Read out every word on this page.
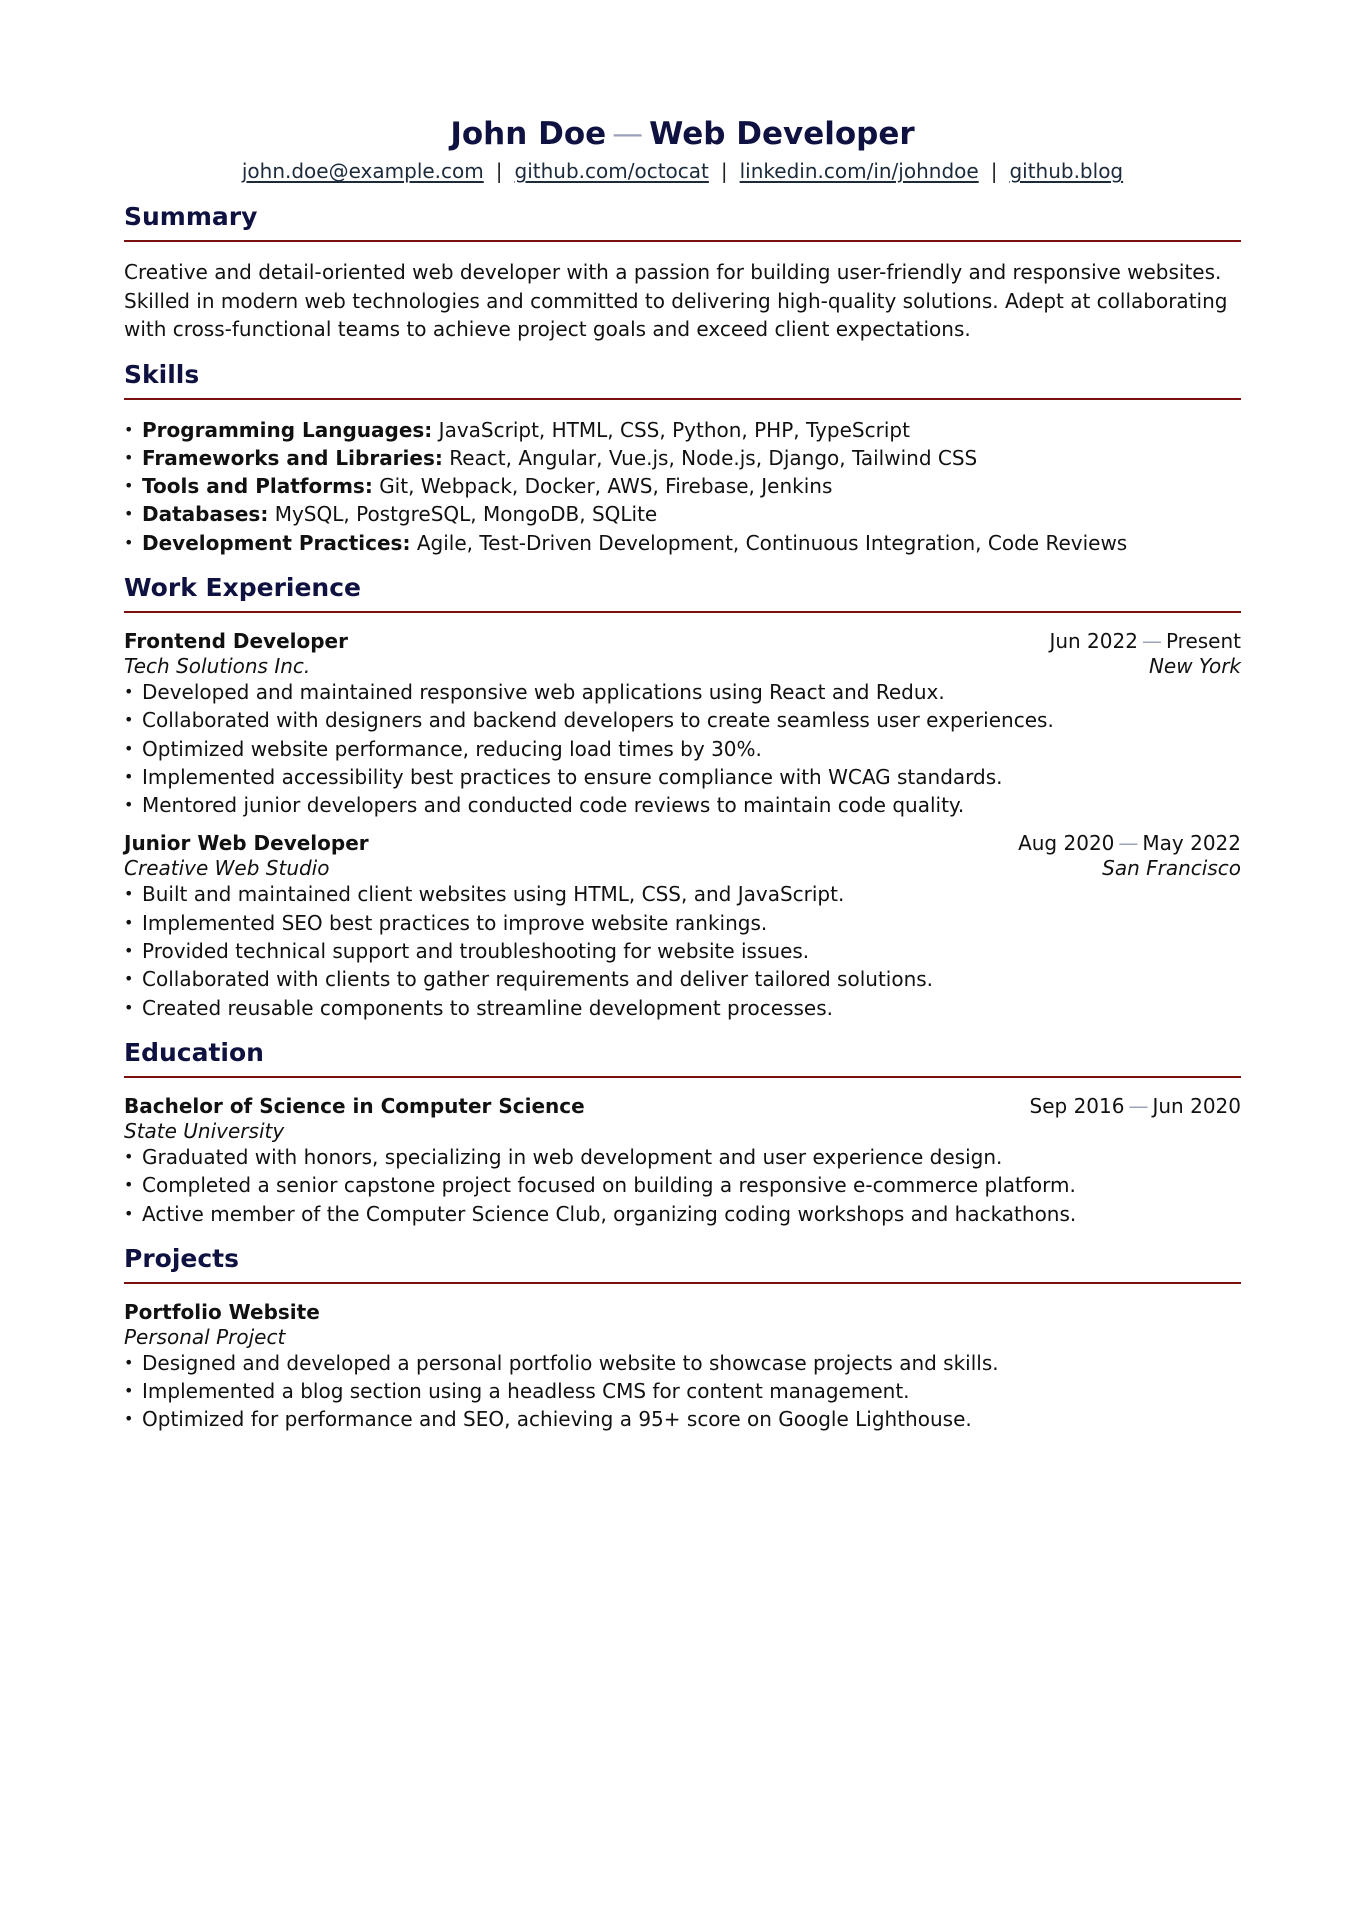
John Doe — Web Developer
john.doe@example.com | github.com/octocat | linkedin.com/in/johndoe | github.blog
Summary

Creative and detail-oriented web developer with a passion for building user-friendly and responsive websites. Skilled in modern web technologies and committed to delivering high-quality solutions. Adept at collaborating with cross-functional teams to achieve project goals and exceed client expectations.

Skills
• Programming Languages: JavaScript, HTML, CSS, Python, PHP, TypeScript
• Frameworks and Libraries: React, Angular, Vue.js, Node.js, Django, Tailwind CSS
• Tools and Platforms: Git, Webpack, Docker, AWS, Firebase, Jenkins
• Databases: MySQL, PostgreSQL, MongoDB, SQLite
• Development Practices: Agile, Test-Driven Development, Continuous Integration, Code Reviews
Work Experience
Frontend Developer	Jun 2022 — Present
Tech Solutions Inc.	New York
• Developed and maintained responsive web applications using React and Redux.
• Collaborated with designers and backend developers to create seamless user experiences.
• Optimized website performance, reducing load times by 30%.
• Implemented accessibility best practices to ensure compliance with WCAG standards.
• Mentored junior developers and conducted code reviews to maintain code quality.
Junior Web Developer	Aug 2020 — May 2022
Creative Web Studio	San Francisco
• Built and maintained client websites using HTML, CSS, and JavaScript.
• Implemented SEO best practices to improve website rankings.
• Provided technical support and troubleshooting for website issues.
• Collaborated with clients to gather requirements and deliver tailored solutions.
• Created reusable components to streamline development processes.
Education
Bachelor of Science in Computer Science	Sep 2016 — Jun 2020
State University
• Graduated with honors, specializing in web development and user experience design.
• Completed a senior capstone project focused on building a responsive e-commerce platform.
• Active member of the Computer Science Club, organizing coding workshops and hackathons.
Projects
Portfolio Website
Personal Project
• Designed and developed a personal portfolio website to showcase projects and skills.
• Implemented a blog section using a headless CMS for content management.
• Optimized for performance and SEO, achieving a 95+ score on Google Lighthouse.
